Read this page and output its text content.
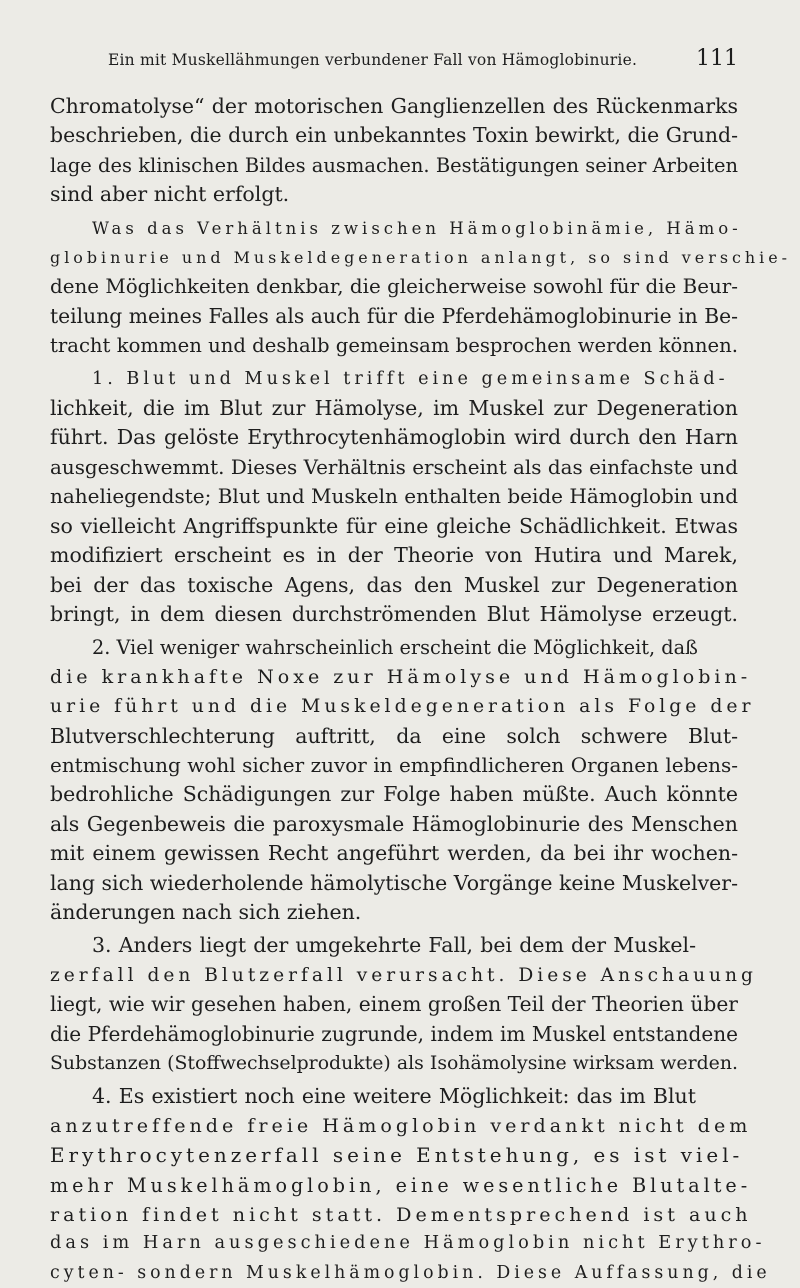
Ein mit Muskellähmungen verbundener Fall von Hämoglobinurie.	111

Chromatolyse“ der motorischen Ganglienzellen des Rückenmarks
beschrieben, die durch ein unbekanntes Toxin bewirkt, die Grund-
lage des klinischen Bildes ausmachen. Bestätigungen seiner Arbeiten
sind aber nicht erfolgt.

Was das Verhältnis zwischen Hämoglobinämie, Hämo-
globinurie und Muskeldegeneration anlangt, so sind verschie-
dene Möglichkeiten denkbar, die gleicherweise sowohl für die Beur-
teilung meines Falles als auch für die Pferdehämoglobinurie in Be-
tracht kommen und deshalb gemeinsam besprochen werden können.

1. Blut und Muskel trifft eine gemeinsame Schäd-
lichkeit, die im Blut zur Hämolyse, im Muskel zur Degeneration
führt. Das gelöste Erythrocytenhämoglobin wird durch den Harn
ausgeschwemmt. Dieses Verhältnis erscheint als das einfachste und
naheliegendste; Blut und Muskeln enthalten beide Hämoglobin und
so vielleicht Angriffspunkte für eine gleiche Schädlichkeit. Etwas
modifiziert erscheint es in der Theorie von Hutira und Marek,
bei der das toxische Agens, das den Muskel zur Degeneration
bringt, in dem diesen durchströmenden Blut Hämolyse erzeugt.

2. Viel weniger wahrscheinlich erscheint die Möglichkeit, daß
die krankhafte Noxe zur Hämolyse und Hämoglobin-
urie führt und die Muskeldegeneration als Folge der
Blutverschlechterung auftritt, da eine solch schwere Blut-
entmischung wohl sicher zuvor in empfindlicheren Organen lebens-
bedrohliche Schädigungen zur Folge haben müßte. Auch könnte
als Gegenbeweis die paroxysmale Hämoglobinurie des Menschen
mit einem gewissen Recht angeführt werden, da bei ihr wochen-
lang sich wiederholende hämolytische Vorgänge keine Muskelver-
änderungen nach sich ziehen.

3. Anders liegt der umgekehrte Fall, bei dem der Muskel-
zerfall den Blutzerfall verursacht. Diese Anschauung
liegt, wie wir gesehen haben, einem großen Teil der Theorien über
die Pferdehämoglobinurie zugrunde, indem im Muskel entstandene
Substanzen (Stoffwechselprodukte) als Isohämolysine wirksam werden.

4. Es existiert noch eine weitere Möglichkeit: das im Blut
anzutreffende freie Hämoglobin verdankt nicht dem
Erythrocytenzerfall seine Entstehung, es ist viel-
mehr Muskelhämoglobin, eine wesentliche Blutalte-
ration findet nicht statt. Dementsprechend ist auch
das im Harn ausgeschiedene Hämoglobin nicht Erythro-
cyten- sondern Muskelhämoglobin. Diese Auffassung, die
